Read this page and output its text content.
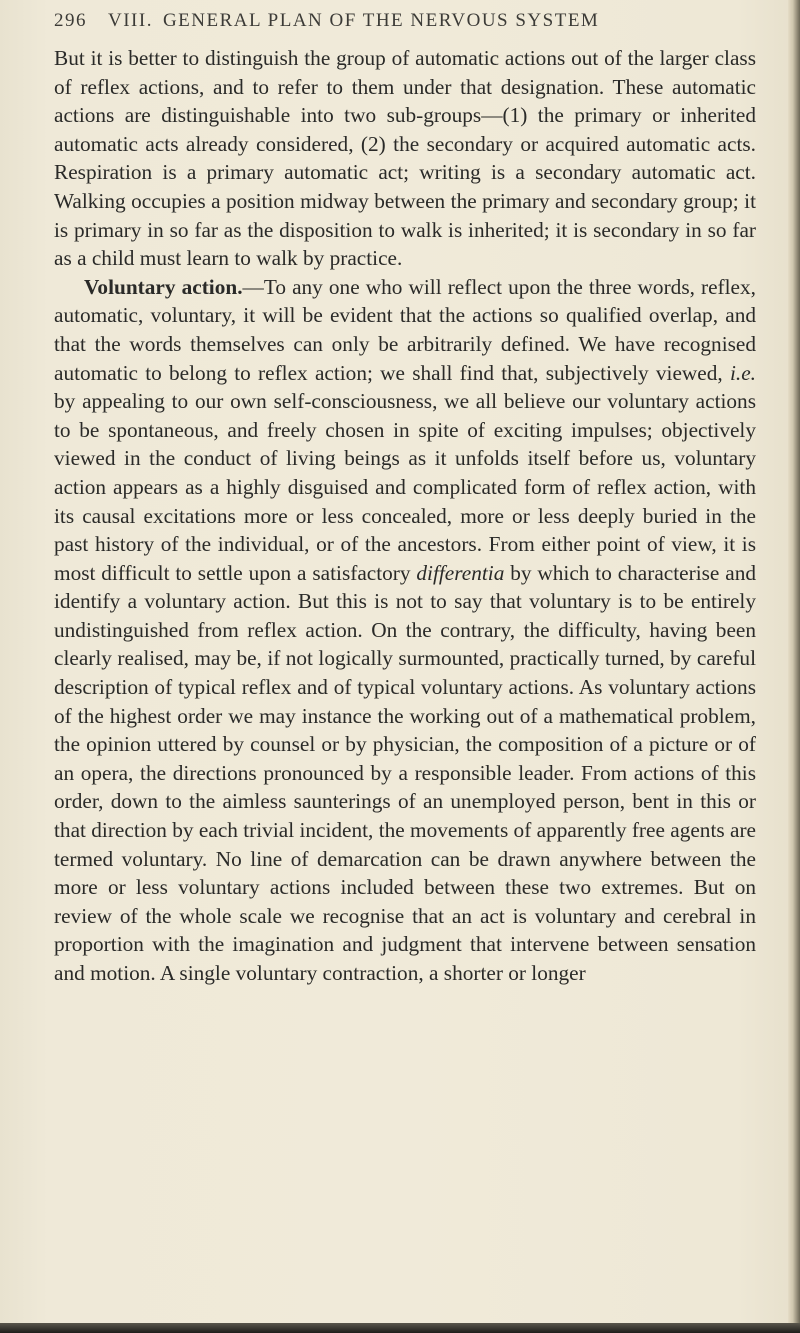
296 VIII. GENERAL PLAN OF THE NERVOUS SYSTEM

But it is better to distinguish the group of automatic actions out of the larger class of reflex actions, and to refer to them under that designation. These automatic actions are distinguishable into two sub-groups—(1) the primary or inherited automatic acts already considered, (2) the secondary or acquired automatic acts. Respiration is a primary automatic act; writing is a secondary automatic act. Walking occupies a position midway between the primary and secondary group; it is primary in so far as the disposition to walk is inherited; it is secondary in so far as a child must learn to walk by practice.

Voluntary action.—To any one who will reflect upon the three words, reflex, automatic, voluntary, it will be evident that the actions so qualified overlap, and that the words themselves can only be arbitrarily defined. We have recognised automatic to belong to reflex action; we shall find that, subjectively viewed, i.e. by appealing to our own self-consciousness, we all believe our voluntary actions to be spontaneous, and freely chosen in spite of exciting impulses; objectively viewed in the conduct of living beings as it unfolds itself before us, voluntary action appears as a highly disguised and complicated form of reflex action, with its causal excitations more or less concealed, more or less deeply buried in the past history of the individual, or of the ancestors. From either point of view, it is most difficult to settle upon a satisfactory differentia by which to characterise and identify a voluntary action. But this is not to say that voluntary is to be entirely undistinguished from reflex action. On the contrary, the difficulty, having been clearly realised, may be, if not logically surmounted, practically turned, by careful description of typical reflex and of typical voluntary actions. As voluntary actions of the highest order we may instance the working out of a mathematical problem, the opinion uttered by counsel or by physician, the composition of a picture or of an opera, the directions pronounced by a responsible leader. From actions of this order, down to the aimless saunterings of an unemployed person, bent in this or that direction by each trivial incident, the movements of apparently free agents are termed voluntary. No line of demarcation can be drawn anywhere between the more or less voluntary actions included between these two extremes. But on review of the whole scale we recognise that an act is voluntary and cerebral in proportion with the imagination and judgment that intervene between sensation and motion. A single voluntary contraction, a shorter or longer
